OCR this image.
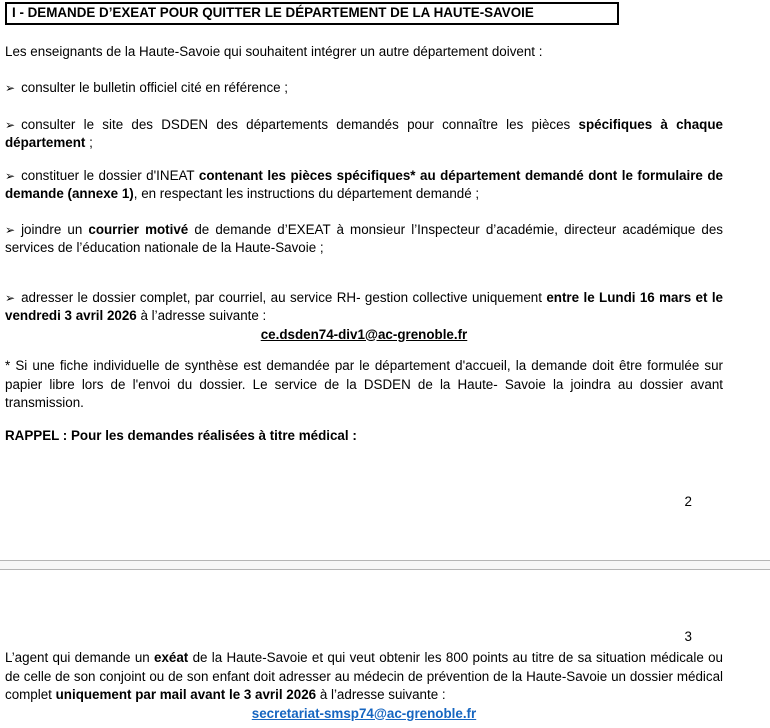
I - DEMANDE D’EXEAT POUR QUITTER LE DÉPARTEMENT DE LA HAUTE-SAVOIE

Les enseignants de la Haute-Savoie qui souhaitent intégrer un autre département doivent :

➢ consulter le bulletin officiel cité en référence ;

➢ consulter le site des DSDEN des départements demandés pour connaître les pièces spécifiques à chaque département ;

➢ constituer le dossier d'INEAT contenant les pièces spécifiques* au département demandé dont le formulaire de demande (annexe 1), en respectant les instructions du département demandé ;

➢ joindre un courrier motivé de demande d’EXEAT à monsieur l’Inspecteur d’académie, directeur académique des services de l’éducation nationale de la Haute-Savoie ;

➢ adresser le dossier complet, par courriel, au service RH- gestion collective uniquement entre le Lundi 16 mars et le vendredi 3 avril 2026 à l’adresse suivante :

ce.dsden74-div1@ac-grenoble.fr

* Si une fiche individuelle de synthèse est demandée par le département d'accueil, la demande doit être formulée sur papier libre lors de l'envoi du dossier. Le service de la DSDEN de la Haute- Savoie la joindra au dossier avant transmission.

RAPPEL : Pour les demandes réalisées à titre médical :

2

3

L’agent qui demande un exéat de la Haute-Savoie et qui veut obtenir les 800 points au titre de sa situation médicale ou de celle de son conjoint ou de son enfant doit adresser au médecin de prévention de la Haute-Savoie un dossier médical complet uniquement par mail avant le 3 avril 2026 à l’adresse suivante :

secretariat-smsp74@ac-grenoble.fr
